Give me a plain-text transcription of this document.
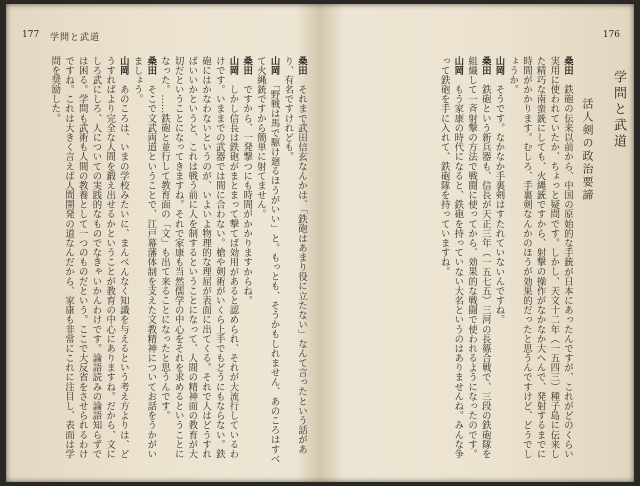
177 学問と武道

桑田　それまで武田信玄なんかは、「鉄砲はあまり役に立たない」なんて言ったという話があり、有名ですけれども。

山岡　「野戦は馬で駆け廻るほうがいい」と。もっとも、そうかもしれません、あのころはすべて火縄銃ですから簡単に射てません。

桑田　ですから、一発撃つにも時間がかかりますからね。

山岡　しかし信長は鉄砲がまとまって撃てば効用があると認められ、それが大流行しているわけです。いままでの武器では間に合わない。槍や剣術がいくら上手でもどうにもならない。鉄砲にはかなわないというのが、いよいよ物理的な理屈が表面に出てくる。それで人はどうすればいいかというと、これは戦う前に人を制するということになって、人間の精神面の教育が大切だということになってきますね。それで家康も当然儒学の中心をそれを求めるということになった。……鉄砲と並行して教育面の「文」も出て来ることになったと思うんです。

桑田　そこで文武両道ということで、江戸幕藩体制を支えた文教精神についてお話をうかがいましょう。

山岡　あのころは、いまの学校みたいに、まんべんなく知識を与えるという考え方よりは、どうすればより完全な人間を鍛え出せるかということが教育の中心にありますね。だから、文にしろ武にしろ、人についての実践的なものでなきゃいかんわけです。論語読みの論語知らずでは困る。学問も武術も人間の教養として一つのものだという。ここで大反省をさせられるわけですね。これは大きく言えば人間開発の道なんだから、家康も非常にこれに注目し、表面は学問を奨励した。

176
学問と武道
活人剣の政治要諦

桑田　鉄砲の伝来以前から、中国の原始的な手銃が日本にあったんですが、これがどのくらい実用に使われていたか、ちょっと疑問です。しかし、天文十二年（一五四三）種子島に伝来した精巧な南蛮銃にしても、火縄銃ですから、射撃の操作がなかなか大へんで、発射するまでに時間がかかります。むしろ、手裏剣なんかのほうが効果的だったと思うんですけど、どうでしょうか。

山岡　そうです。なかなか手裏剣はすたれていないんですね。

桑田　鉄砲という新兵器も、信長が天正三年（一五七五）三河の長篠合戦で、三段の鉄砲隊を組織して一斉射撃の方法で戦闘に使ってから、効果的な戦闘で使われるようになったのです。

山岡　もう家康の時代になると、鉄砲を持っていない大名というのはありませんね。みんな争って鉄砲を手に入れて、鉄砲隊を持っていますね。
